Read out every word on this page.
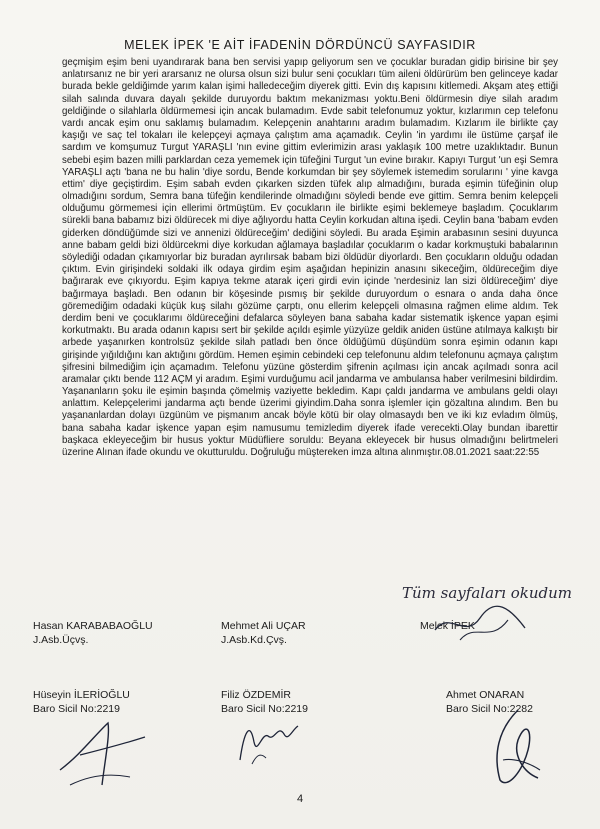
MELEK İPEK 'E AİT İFADENİN DÖRDÜNCÜ SAYFASIDIR

geçmişim eşim beni uyandırarak bana ben servisi yapıp geliyorum sen ve çocuklar buradan gidip birisine bir şey anlatırsanız ne bir yeri ararsanız ne olursa olsun sizi bulur seni çocukları tüm aileni öldürürüm ben gelinceye kadar burada bekle geldiğimde yarım kalan işimi halledeceğim diyerek gitti. Evin dış kapısını kitlemedi. Akşam ateş ettiği silah salında duvara dayalı şekilde duruyordu baktım mekanizması yoktu.Beni öldürmesin diye silah aradım geldiğinde o silahlarla öldürmemesi için ancak bulamadım. Evde sabit telefonumuz yoktur, kızlarımın cep telefonu vardı ancak eşim onu saklamış bulamadım. Kelepçenin anahtarını aradım bulamadım. Kızlarım ile birlikte çay kaşığı ve saç tel tokaları ile kelepçeyi açmaya çalıştım ama açamadık. Ceylin 'in yardımı ile üstüme çarşaf ile sardım ve komşumuz Turgut YARAŞLI 'nın evine gittim evlerimizin arası yaklaşık 100 metre uzaklıktadır. Bunun sebebi eşim bazen milli parklardan ceza yememek için tüfeğini Turgut 'un evine bırakır. Kapıyı Turgut 'un eşi Semra YARAŞLI açtı 'bana ne bu halin 'diye sordu, Bende korkumdan bir şey söylemek istemedim sorularını ' yine kavga ettim' diye geçiştirdim. Eşim sabah evden çıkarken sizden tüfek alıp almadığını, burada eşimin tüfeğinin olup olmadığını sordum, Semra bana tüfeğin kendilerinde olmadığını söyledi bende eve gittim. Semra benim kelepçeli olduğumu görmemesi için ellerimi örtmüştüm. Ev çocukların ile birlikte eşimi beklemeye başladım. Çocuklarım sürekli bana babamız bizi öldürecek mi diye ağlıyordu hatta Ceylin korkudan altına işedi. Ceylin bana 'babam evden giderken döndüğümde sizi ve annenizi öldüreceğim' dediğini söyledi. Bu arada Eşimin arabasının sesini duyunca anne babam geldi bizi öldürcekmi diye korkudan ağlamaya başladılar çocuklarım o kadar korkmuştuki babalarının söylediği odadan çıkamıyorlar biz buradan ayrılırsak babam bizi öldüdür diyorlardı. Ben çocukların olduğu odadan çıktım. Evin girişindeki soldaki ilk odaya girdim eşim aşağıdan hepinizin anasını sikeceğim, öldüreceğim diye bağırarak eve çıkıyordu. Eşim kapıya tekme atarak içeri girdi evin içinde 'nerdesiniz lan sizi öldüreceğim' diye bağırmaya başladı. Ben odanın bir köşesinde pısmış bir şekilde duruyordum o esnara o anda daha önce göremediğim odadaki küçük kuş silahı gözüme çarptı, onu ellerim kelepçeli olmasına rağmen elime aldım. Tek derdim beni ve çocuklarımı öldüreceğini defalarca söyleyen bana sabaha kadar sistematik işkence yapan eşimi korkutmaktı. Bu arada odanın kapısı sert bir şekilde açıldı eşimle yüzyüze geldik aniden üstüne atılmaya kalkıştı bir arbede yaşanırken kontrolsüz şekilde silah patladı ben önce öldüğümü düşündüm sonra eşimin odanın kapı girişinde yığıldığını kan aktığını gördüm. Hemen eşimin cebindeki cep telefonunu aldım telefonunu açmaya çalıştım şifresini bilmediğim için açamadım. Telefonu yüzüne gösterdim şifrenin açılması için ancak açılmadı sonra acil aramalar çıktı bende 112 AÇM yi aradım. Eşimi vurduğumu acil jandarma ve ambulansa haber verilmesini bildirdim. Yaşananların şoku ile eşimin başında çömelmiş vaziyette bekledim. Kapı çaldı jandarma ve ambulans geldi olayı anlattım. Kelepçelerimi jandarma açtı bende üzerimi giyindim.Daha sonra işlemler için gözaltına alındım. Ben bu yaşananlardan dolayı üzgünüm ve pişmanım ancak böyle kötü bir olay olmasaydı ben ve iki kız evladım ölmüş, bana sabaha kadar işkence yapan eşim namusumu temizledim diyerek ifade verecekti.Olay bundan ibarettir başkaca ekleyeceğim bir husus yoktur Müdüfliere soruldu: Beyana ekleyecek bir husus olmadığını belirtmeleri üzerine Alınan ifade okundu ve okutturuldu. Doğruluğu müştereken imza altına alınmıştır.08.01.2021 saat:22:55

Tüm sayfaları okudum
Hasan KARABABAOĞLU
J.Asb.Üçvş.
Mehmet Ali UÇAR
J.Asb.Kd.Çvş.
Melek İPEK
Hüseyin İLERİOĞLU
Baro Sicil No:2219
Filiz ÖZDEMİR
Baro Sicil No:2219
Ahmet ONARAN
Baro Sicil No:2282
4
